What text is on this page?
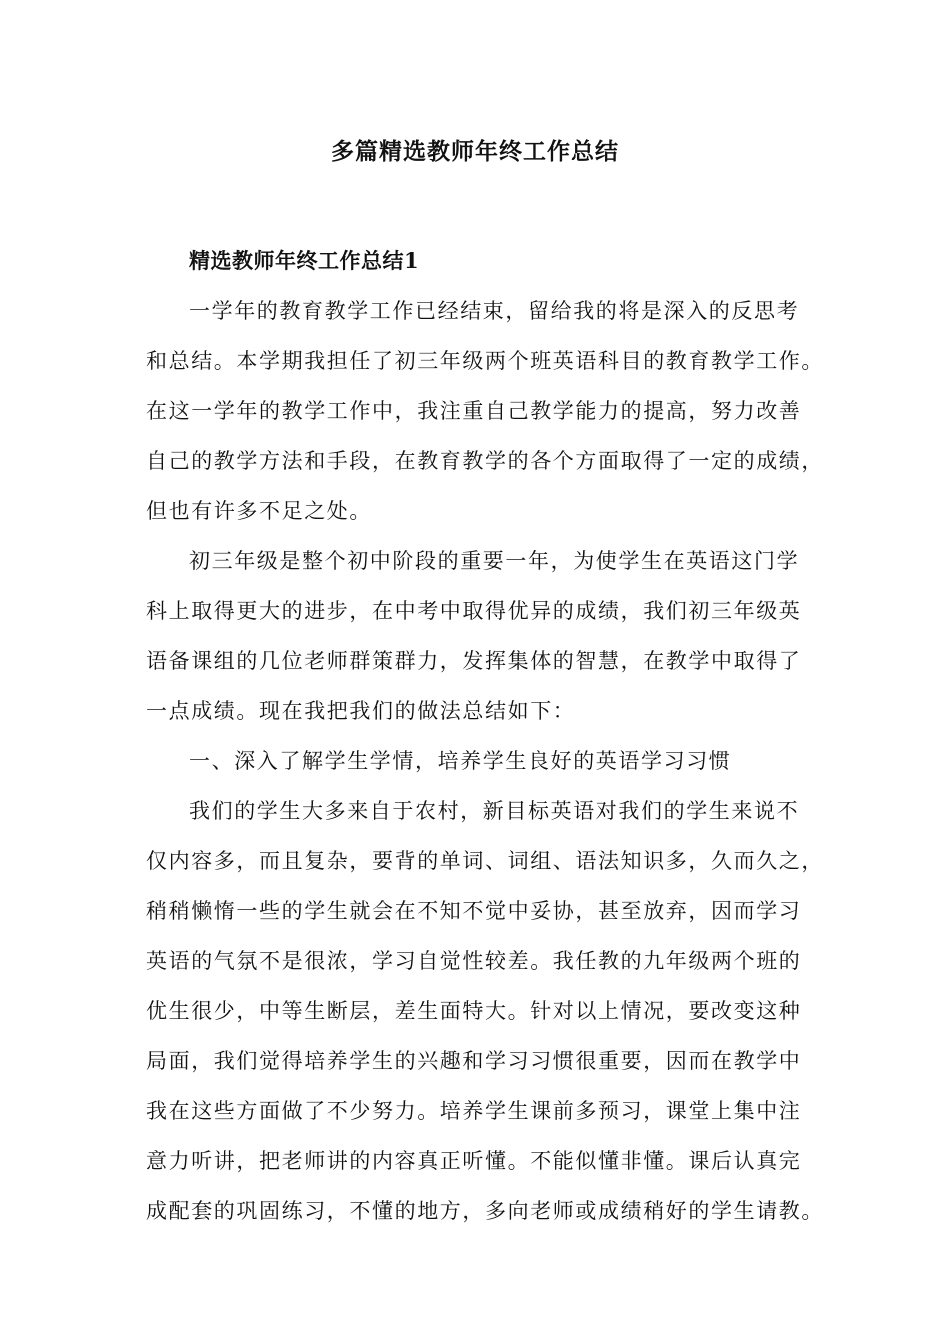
多篇精选教师年终工作总结
精选教师年终工作总结1
一学年的教育教学工作已经结束，留给我的将是深入的反思考
和总结。本学期我担任了初三年级两个班英语科目的教育教学工作。
在这一学年的教学工作中，我注重自己教学能力的提高，努力改善
自己的教学方法和手段，在教育教学的各个方面取得了一定的成绩，
但也有许多不足之处。
初三年级是整个初中阶段的重要一年，为使学生在英语这门学
科上取得更大的进步，在中考中取得优异的成绩，我们初三年级英
语备课组的几位老师群策群力，发挥集体的智慧，在教学中取得了
一点成绩。现在我把我们的做法总结如下：
一、深入了解学生学情，培养学生良好的英语学习习惯
我们的学生大多来自于农村，新目标英语对我们的学生来说不
仅内容多，而且复杂，要背的单词、词组、语法知识多，久而久之，
稍稍懒惰一些的学生就会在不知不觉中妥协，甚至放弃，因而学习
英语的气氛不是很浓，学习自觉性较差。我任教的九年级两个班的
优生很少，中等生断层，差生面特大。针对以上情况，要改变这种
局面，我们觉得培养学生的兴趣和学习习惯很重要，因而在教学中
我在这些方面做了不少努力。培养学生课前多预习，课堂上集中注
意力听讲，把老师讲的内容真正听懂。不能似懂非懂。课后认真完
成配套的巩固练习，不懂的地方，多向老师或成绩稍好的学生请教。
